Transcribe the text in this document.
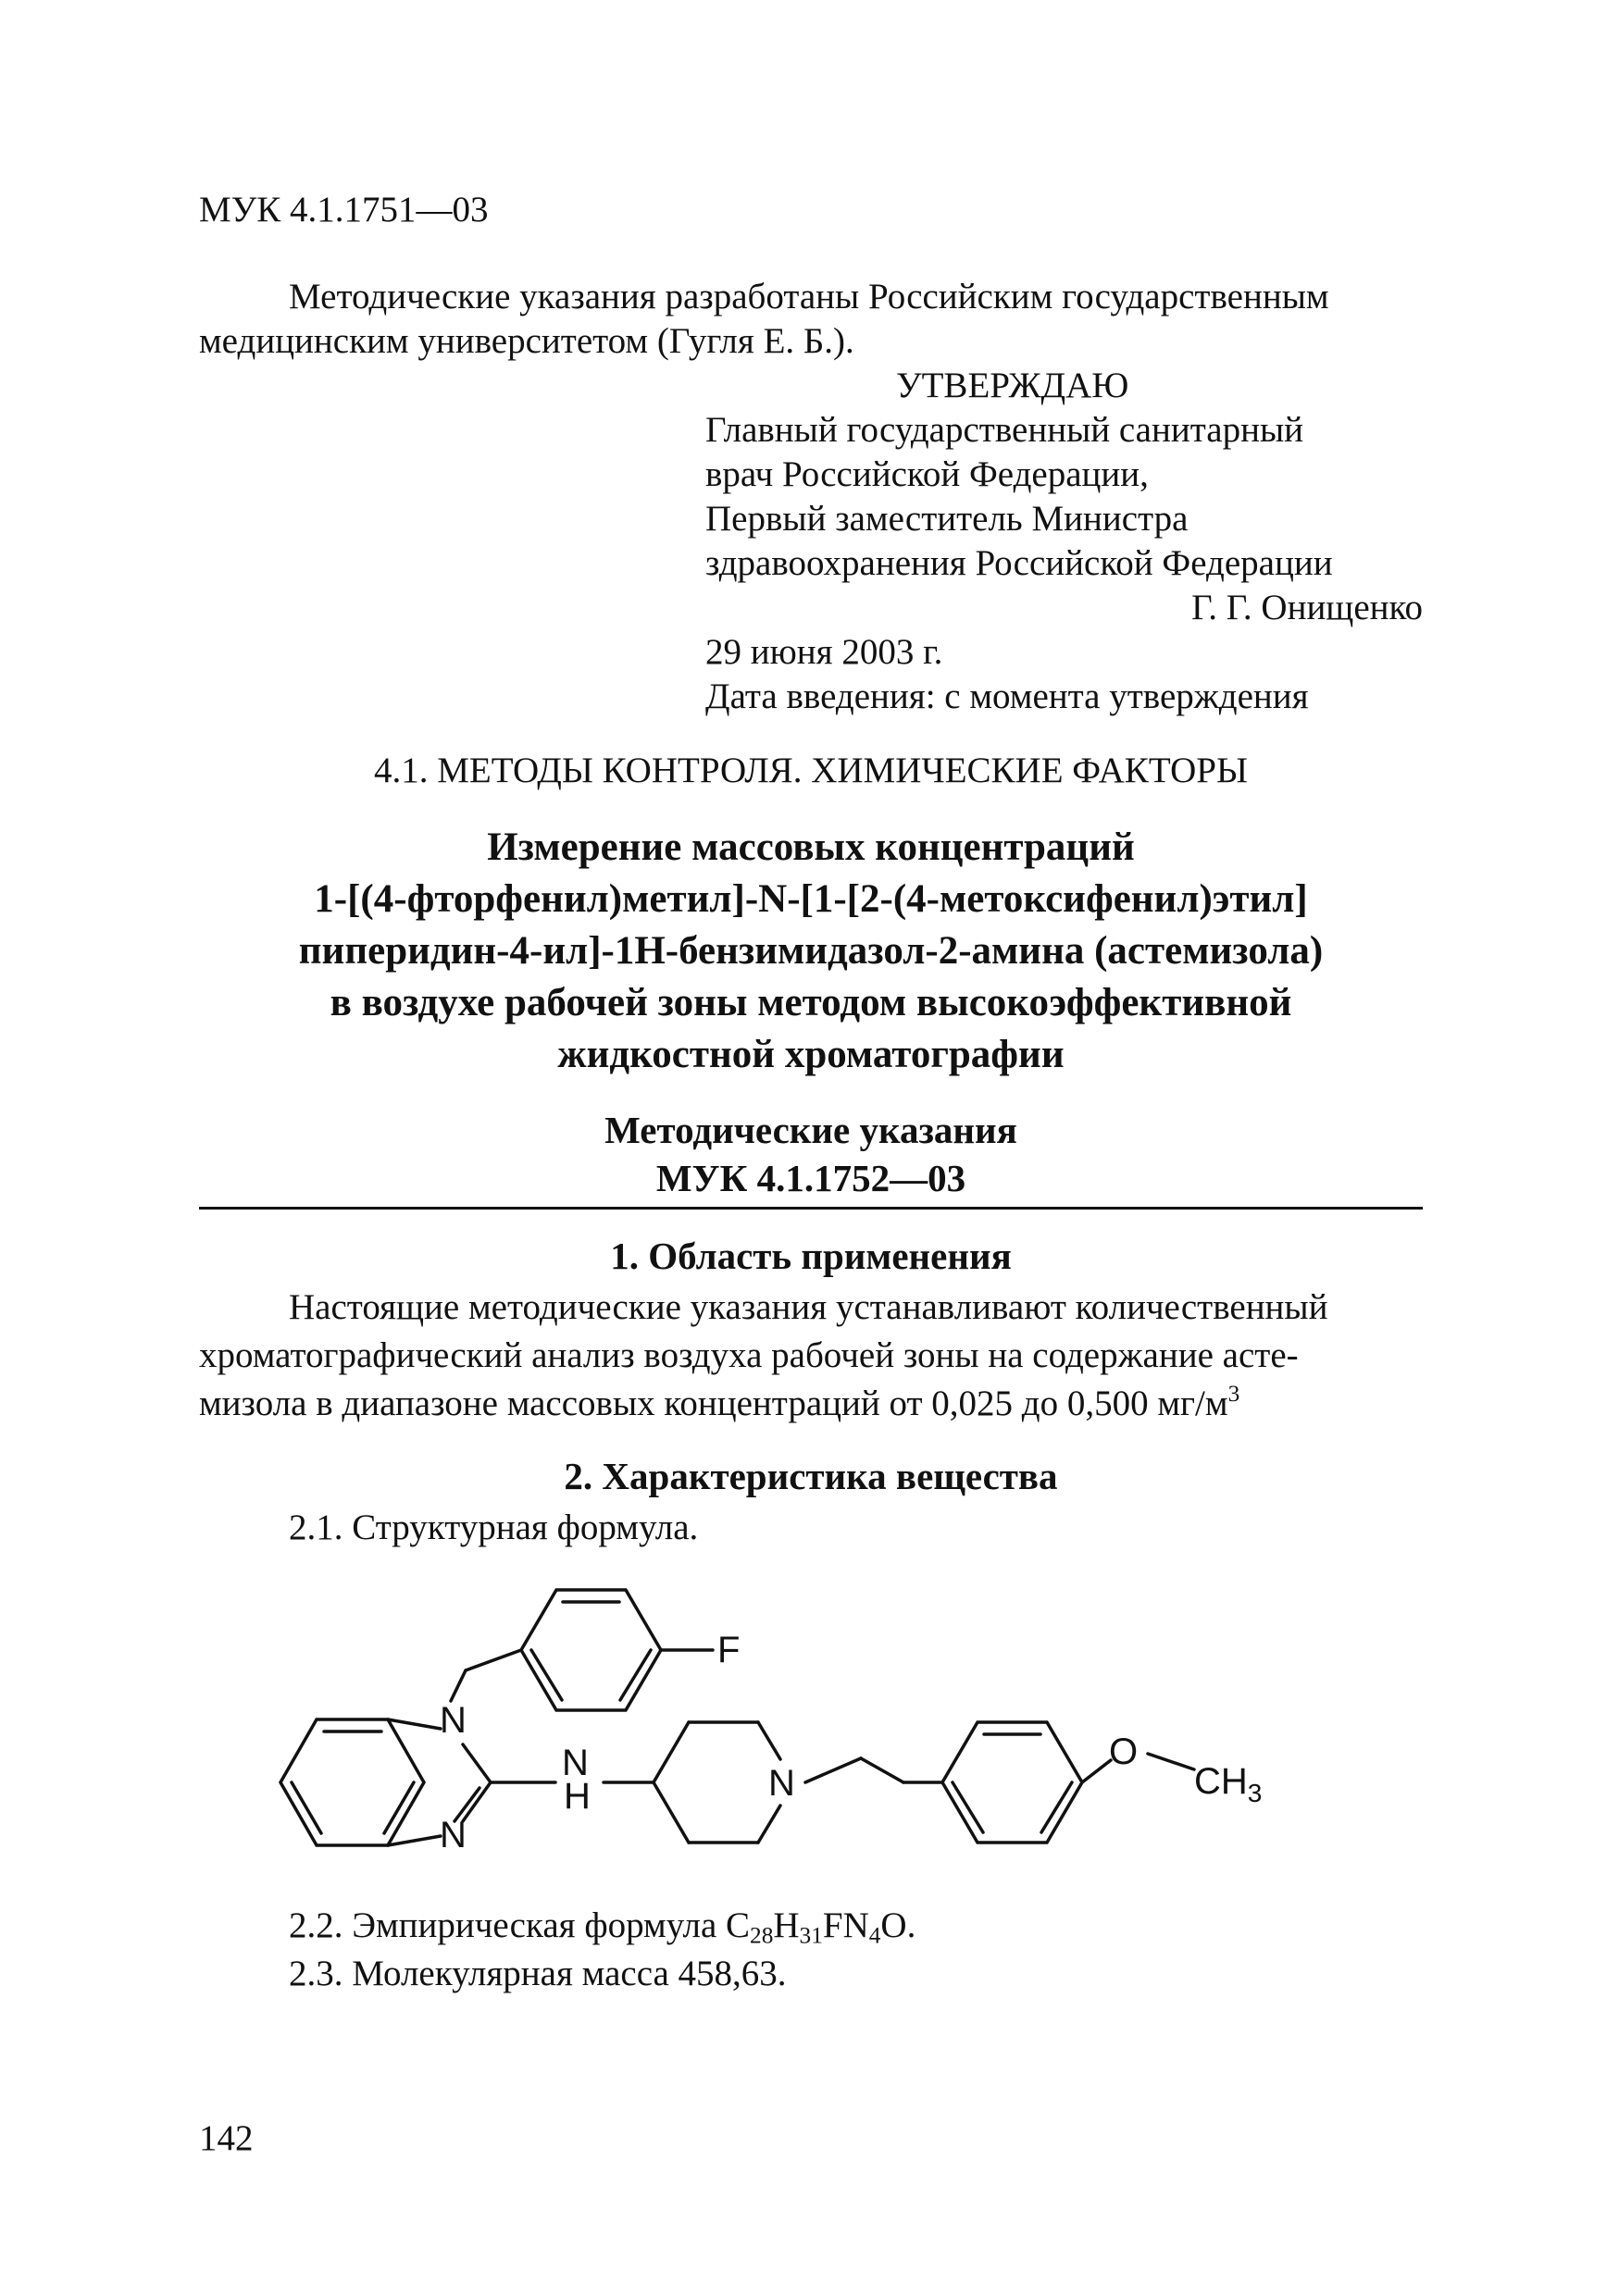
МУК 4.1.1751—03
Методические указания разработаны Российским государственным
медицинским университетом (Гугля Е. Б.).
УТВЕРЖДАЮ
Главный государственный санитарный
врач Российской Федерации,
Первый заместитель Министра
здравоохранения Российской Федерации
Г. Г. Онищенко
29 июня 2003 г.
Дата введения: с момента утверждения
4.1. МЕТОДЫ КОНТРОЛЯ. ХИМИЧЕСКИЕ ФАКТОРЫ
Измерение массовых концентраций
1-[(4-фторфенил)метил]-N-[1-[2-(4-метоксифенил)этил]
пиперидин-4-ил]-1H-бензимидазол-2-амина (астемизола)
в воздухе рабочей зоны методом высокоэффективной
жидкостной хроматографии
Методические указания
МУК 4.1.1752—03
1. Область применения
Настоящие методические указания устанавливают количественный
хроматографический анализ воздуха рабочей зоны на содержание асте-
мизола в диапазоне массовых концентраций от 0,025 до 0,500 $мг/м^3$
2. Характеристика вещества
2.1. Структурная формула.
F
N
N
N
H	N
O
$CH_3$
2.2. Эмпирическая формула $C_{28}H_{31}FN_4O$.
2.3. Молекулярная масса 458,63.
142
